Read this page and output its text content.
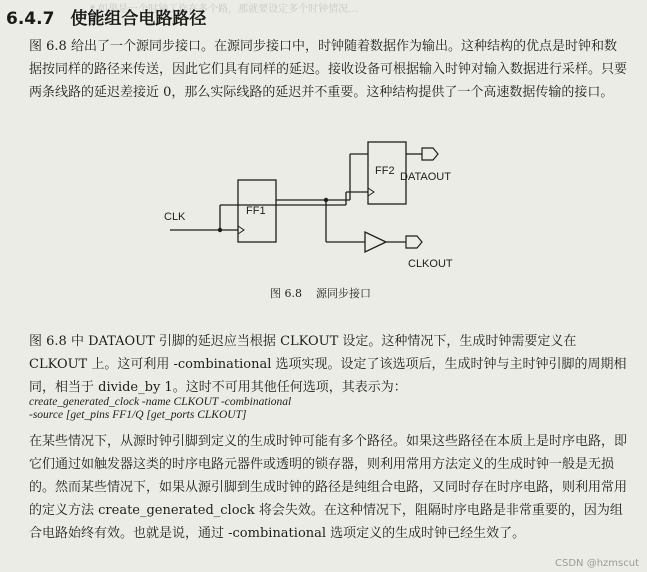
* 如果是一个时钟工作在多个路，那就要设定多个时钟情况…
6.4.7 使能组合电路路径
图 6.8 给出了一个源同步接口。在源同步接口中，时钟随着数据作为输出。这种结构的优点是时钟和数据按同样的路径来传送，因此它们具有同样的延迟。接收设备可根据输入时钟对输入数据进行采样。只要两条线路的延迟差接近 0，那么实际线路的延迟并不重要。这种结构提供了一个高速数据传输的接口。
FF1
FF2
CLK
DATAOUT
CLKOUT
图 6.8 源同步接口
图 6.8 中 DATAOUT 引脚的延迟应当根据 CLKOUT 设定。这种情况下，生成时钟需要定义在 CLKOUT 上。这可利用 -combinational 选项实现。设定了该选项后，生成时钟与主时钟引脚的周期相同，相当于 divide_by 1。这时不可用其他任何选项，其表示为：
create_generated_clock -name CLKOUT -combinational
-source [get_pins FF1/Q [get_ports CLKOUT]
在某些情况下，从源时钟引脚到定义的生成时钟可能有多个路径。如果这些路径在本质上是时序电路，即它们通过如触发器这类的时序电路元器件或透明的锁存器，则利用常用方法定义的生成时钟一般是无损的。然而某些情况下，如果从源引脚到生成时钟的路径是纯组合电路，又同时存在时序电路，则利用常用的定义方法 create_generated_clock 将会失效。在这种情况下，阻隔时序电路是非常重要的，因为组合电路始终有效。也就是说，通过 -combinational 选项定义的生成时钟已经生效了。
CSDN @hzmscut
